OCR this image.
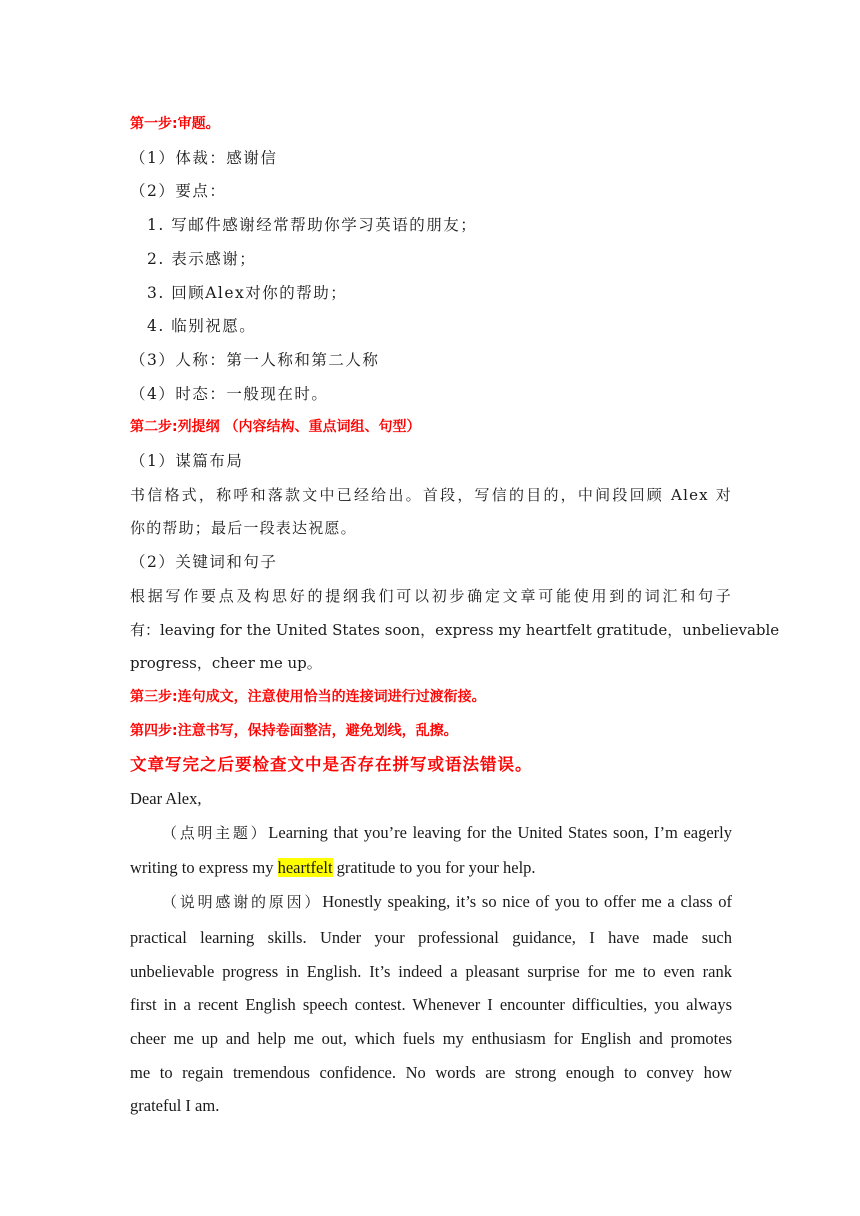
第一步:审题。
（1）体裁：感谢信
（2）要点：
1. 写邮件感谢经常帮助你学习英语的朋友；
2. 表示感谢；
3. 回顾Alex对你的帮助；
4. 临别祝愿。
（3）人称：第一人称和第二人称
（4）时态：一般现在时。
第二步:列提纲 （内容结构、重点词组、句型）
（1）谋篇布局
书信格式，称呼和落款文中已经给出。首段，写信的目的，中间段回顾 Alex 对
你的帮助；最后一段表达祝愿。
（2）关键词和句子
根据写作要点及构思好的提纲我们可以初步确定文章可能使用到的词汇和句子
有：leaving for the United States soon，express my heartfelt gratitude，unbelievable
progress，cheer me up。
第三步:连句成文，注意使用恰当的连接词进行过渡衔接。
第四步:注意书写，保持卷面整洁，避免划线，乱擦。
文章写完之后要检查文中是否存在拼写或语法错误。
Dear Alex,
（点明主题）Learning that you’re leaving for the United States soon, I’m eagerly
writing to express my heartfelt gratitude to you for your help.
（说明感谢的原因）Honestly speaking, it’s so nice of you to offer me a class of
practical learning skills. Under your professional guidance, I have made such
unbelievable progress in English. It’s indeed a pleasant surprise for me to even rank
first in a recent English speech contest. Whenever I encounter difficulties, you always
cheer me up and help me out, which fuels my enthusiasm for English and promotes
me to regain tremendous confidence. No words are strong enough to convey how
grateful I am.
